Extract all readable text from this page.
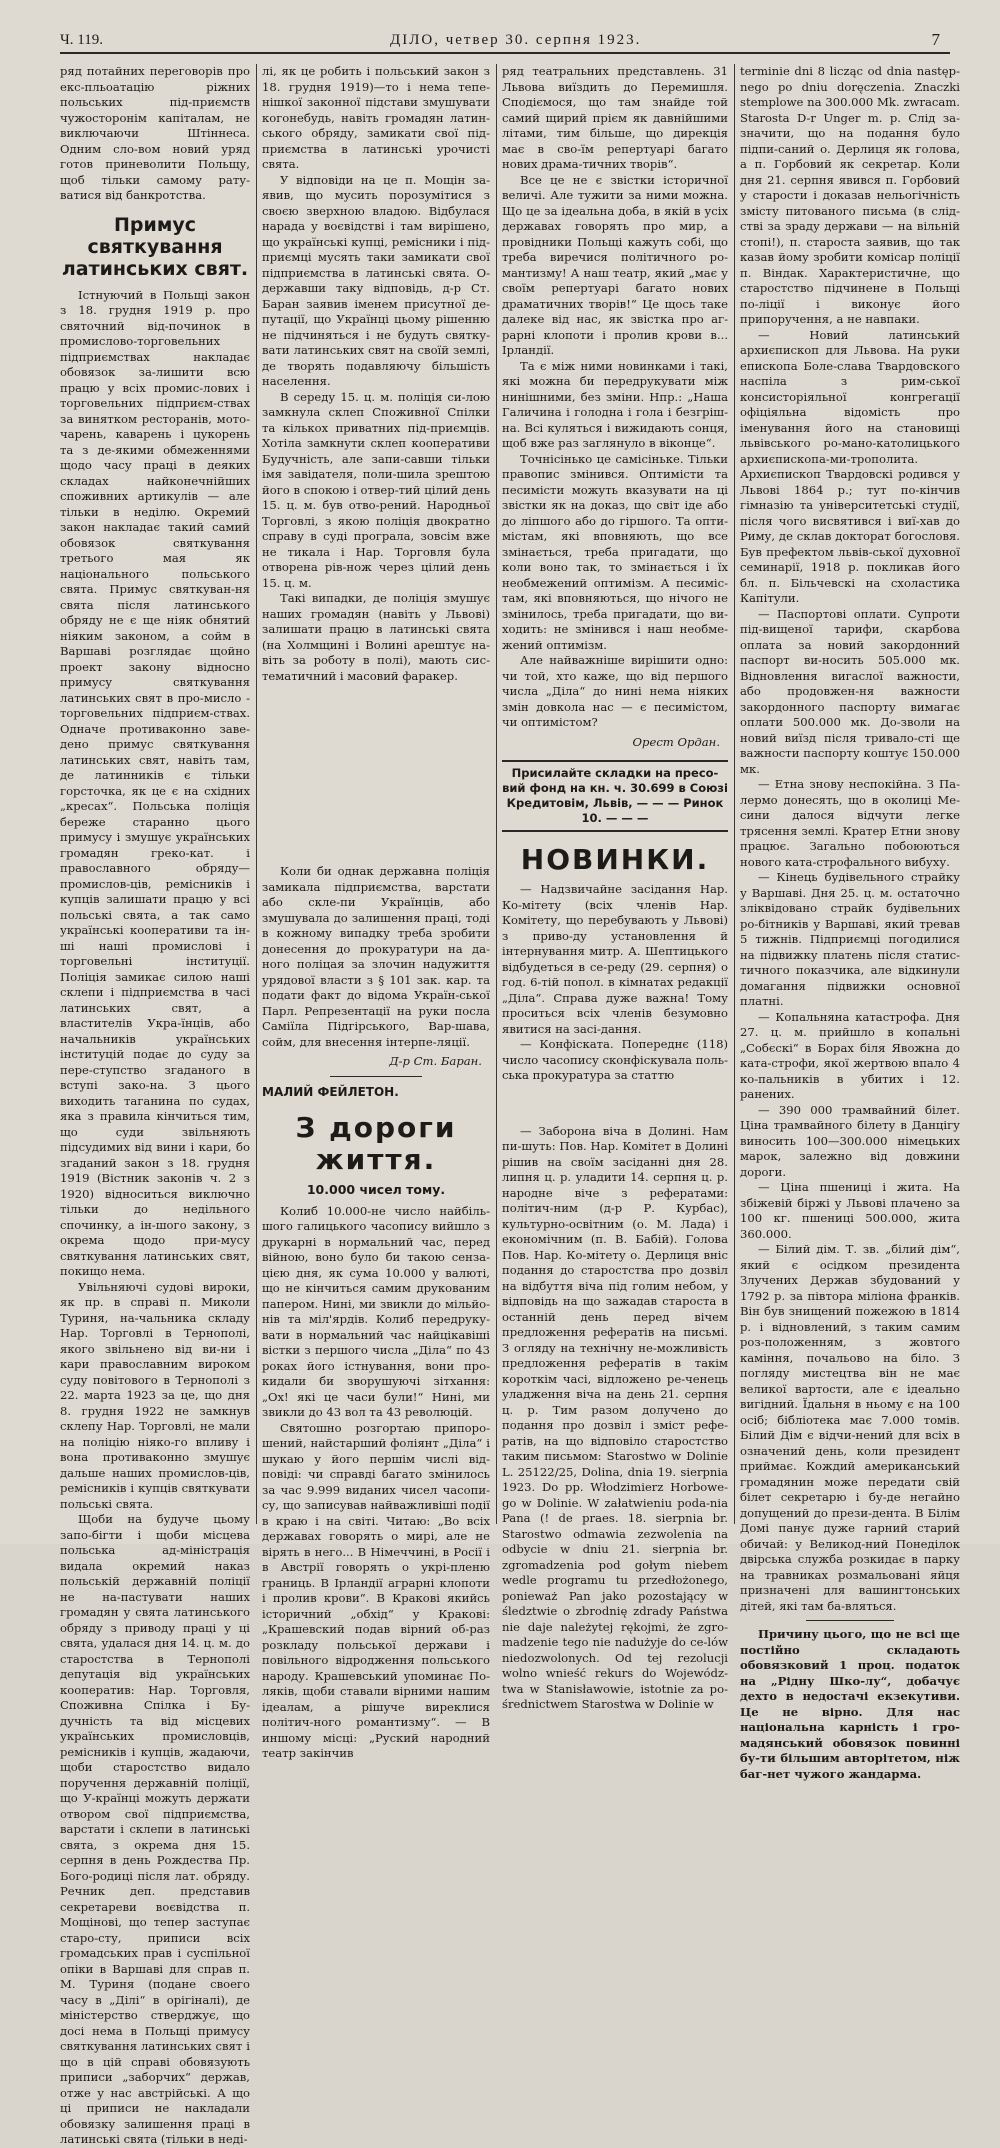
Ч. 119.	ДІЛО, четвер 30. серпня 1923.	7

ряд потайних переговорів про екс-пльоатацію ріжних польських під-приємств чужосторонім капіталам, не виключаючи Штіннеса. Одним сло-вом новий уряд готов приневолити Польщу, щоб тільки самому рату-ватися від банкротства.

Примус святкування латинських свят.

Істнуючий в Польщі закон з 18. грудня 1919 р. про святочний від-починок в промислово-торговельних підприємствах накладає обовязок за-лишити всю працю у всіх промис-лових і торговельних підприєм-ствах за винятком ресторанів, мото-чарень, каварень і цукорень та з де-якими обмеженнями щодо часу праці в деяких складах найконечнійших споживних артикулів — але тільки в неділю. Окремий закон накладає такий самий обовязок святкування третього мая як національного польського свята. Примус святкуван-ня свята після латинського обряду не є ще ніяк обнятий ніяким законом, а сойм в Варшаві розглядає щойно проект закону відносно примусу святкування латинських свят в про-мисло - торговельних підприєм-ствах. Одначе противаконно заве-дено примус святкування латинських свят, навіть там, де латинників є тільки горсточка, як це є на східних „кресах“. Польська поліція береже старанно цього примусу і змушує українських громадян греко-кат. і православного обряду—промислов-ців, ремісників і купців залишати працю у всі польські свята, а так само українські кооперативи та ін-ші наші промислові і торговельні інституції. Поліція замикає силою наші склепи і підприємства в часі латинських свят, а властителів Укра-їнців, або начальників українських інституцій подає до суду за пере-ступство згаданого в вступі зако-на. З цього виходить таганина по судах, яка з правила кінчиться тим, що суди звільняють підсудимих від вини і кари, бо згаданий закон з 18. грудня 1919 (Вістник законів ч. 2 з 1920) відноситься виключно тільки до недільного спочинку, а ін-шого закону, з окрема щодо при-мусу святкування латинських свят, покищо нема.

Увільняючі судові вироки, як пр. в справі п. Миколи Туриня, на-чальника складу Нар. Торговлі в Тернополі, якого звільнено від ви-ни і кари православним вироком суду повітового в Тернополі з 22. марта 1923 за це, що дня 8. грудня 1922 не замкнув склепу Нар. Торговлі, не мали на поліцію ніяко-го впливу і вона противаконно змушує дальше наших промислов-ців, ремісників і купців святкувати польські свята.

Щоби на будуче цьому запо-бігти і щоби місцева польська ад-міністрація видала окремий наказ польській державній поліції не на-пастувати наших громадян у свята латинського обряду з приводу праці у ці свята, удалася дня 14. ц. м. до старостства в Тернополі депутація від українських кооператив: Нар. Торговля, Споживна Спілка і Бу-дучність та від місцевих українських промисловців, ремісників і купців, жадаючи, щоби старостство видало поручення державній поліції, що У-країнці можуть держати отвором свої підприємства, варстати і склепи в латинські свята, з окрема дня 15. серпня в день Рождества Пр. Бого-родиці після лат. обряду. Речник деп. представив секретареви воєвідства п. Мощінові, що тепер заступає старо-сту, приписи всіх громадських прав і суспільної опіки в Варшаві для справ п. М. Туриня (подане своего часу в „Ділі“ в орігіналі), де міністерство стверджує, що досі нема в Польщі примусу святкування латинських свят і що в цій справі обовязують приписи „заборчих“ держав, отже у нас австрійські. А що ці приписи не накладали обовязку залишення праці в латинські свята (тільки в неді-

лі, як це робить і польський закон з 18. грудня 1919)—то і нема тепе-нішкої законної підстави змушувати когонебудь, навіть громадян латин-ського обряду, замикати свої під-приємства в латинські урочисті свята.

У відповіди на це п. Мощін за-явив, що мусить порозумітися з своєю зверхною владою. Відбулася нарада у воєвідстві і там вирішено, що українські купці, ремісники і під-приємці мусять таки замикати свої підприємства в латинські свята. О-державши таку відповідь, д-р Ст. Баран заявив іменем присутної де-путації, що Українці цьому рішенню не підчиняться і не будуть святку-вати латинських свят на своїй землі, де творять подавляючу більшість населення.

В середу 15. ц. м. поліція си-лою замкнула склеп Споживної Спілки та кількох приватних під-приємців. Хотіла замкнути склеп кооперативи Будучність, але запи-савши тільки імя завідателя, поли-шила зрештою його в спокою і отвер-тий цілий день 15. ц. м. був отво-рений. Народньої Торговлі, з якою поліція двократно справу в суді програла, зовсім вже не тикала і Нар. Торговля була отворена рів-нож через цілий день 15. ц. м.

Такі випадки, де поліція змушує наших громадян (навіть у Львові) залишати працю в латинські свята (на Холмщині і Волині арештує на-віть за роботу в полі), мають сис-тематичний і масовий фаракер.

Коли би однак державна поліція замикала підприємства, варстати або скле-пи Українців, або змушувала до залишення праці, тоді в кожному випадку треба зробити донесення до прокуратури на да-ного поліцая за злочин надужиття урядової власти з § 101 зак. кар. та подати факт до відома Україн-ської Парл. Репрезентації на руки посла Саміїла Підгірського, Вар-шава, сойм, для внесення інтерпе-ляції.

Д-р Ст. Баран.
МАЛИЙ ФЕЙЛЕТОН.
З дороги життя.
10.000 чисел тому.

Колиб 10.000-не число найбіль-шого галицького часопису вийшло з друкарні в нормальний час, перед війною, воно було би такою сенза-цією дня, як сума 10.000 у валюті, що не кінчиться самим друкованим папером. Нині, ми звикли до мільйо-нів та міл'ярдів. Колиб передруку-вати в нормальний час найцікавіші вістки з першого числа „Діла“ по 43 роках його істнування, вони про-кидали би зворушуючі зітхання: „Ох! які це часи були!“ Нині, ми звикли до 43 вол та 43 революцій.

Святошно розгортаю припоро-шений, найстарший фоліянт „Діла“ і шукаю у його першім числі від-повіді: чи справді багато змінилось за час 9.999 виданих чисел часопи-су, що записував найважливіші події в краю і на світі. Читаю: „Во всіх державах говорять о мирі, але не вірять в него... В Німеччині, в Росії і в Австрії говорять о укрі-пленю границь. В Ірландії аграрні клопоти і пролив крови“. В Кракові якийсь історичний „обхід“ у Кракові: „Крашевский подав вірний об-раз розкладу польської держави і повільного відродження польського народу. Крашевський упоминає По-ляків, щоби ставали вірними нашим ідеалам, а рішуче виреклися політич-ного романтизму“. — В иншому місці: „Руский народний театр закінчив

ряд театральних представлень. 31 Львова виїздить до Перемишля. Сподіємося, що там знайде той самий щирий прієм як давнійшими літами, тим більше, що дирекція має в сво-їм репертуарі багато нових драма-тичних творів“.

Все це не є звістки історичної величі. Але тужити за ними можна. Що це за ідеальна доба, в якій в усіх державах говорять про мир, а провідники Польщі кажуть собі, що треба виречися політичного ро-мантизму! А наш театр, який „має у своїм репертуарі багато нових драматичних творів!“ Це щось таке далеке від нас, як звістка про аг-рарні клопоти і пролив крови в... Ірландії.

Та є між ними новинками і такі, які можна би передрукувати між нинішними, без зміни. Нпр.: „Наша Галичина і голодна і гола і безгріш-на. Всі кулятьcя і вижидають сонця, щоб вже раз заглянуло в віконце“.

Точнісінько це самісіньке. Тільки правопис змінився. Оптимісти та песимісти можуть вказувати на ці звістки як на доказ, що світ іде або до ліпшого або до гіршого. Та опти-містам, які вповняють, що все змінається, треба пригадати, що коли воно так, то змінається і їх необмежений оптимізм. А песиміс-там, які вповняються, що нічого не змінилось, треба пригадати, що ви-ходить: не змінився і наш необме-жений оптимізм.

Але найважніше вирішити одно: чи той, хто каже, що від першого числа „Діла“ до нині нема ніяких змін довкола нас — є песимістом, чи оптимістом?

Орест Ордан.
Присилайте складки на пресо-вий фонд на кн. ч. 30.699 в Союзі Кредитовім, Львів, — — — Ринок 10. — — —
НОВИНКИ.

— Надзвичайне засідання Нар. Ко-мітету (всіх членів Нар. Комітету, що перебувають у Львові) з приво-ду установлення й інтернування митр. А. Шептицького відбудеться в се-реду (29. серпня) о год. 6-тій попол. в кімнатах редакції „Діла“. Справа дуже важна! Тому проситься всіх членів безумовно явитися на засі-дання.

— Конфіската. Попереднє (118) число часопису сконфіскувала поль-ська прокуратура за статтю

— Заборона віча в Долині. Нам пи-шуть: Пов. Нар. Комітет в Долині рішив на своїм засіданні дня 28. липня ц. р. уладити 14. серпня ц. р. народне віче з рефератами: політич-ним (д-р Р. Курбас), культурно-освітним (о. М. Лада) і економічним (п. В. Бабій). Голова Пов. Нар. Ко-мітету о. Дерлиця вніс подання до старостства про дозвіл на відбуття віча під голим небом, у відповідь на що зажадав староста в останній день перед вічем предложення рефератів на письмі. З огляду на технічну не-можливість предложення рефератів в такім короткім часі, відложено ре-ченець уладження віча на день 21. серпня ц. р. Тим разом долучено до подання про дозвіл і зміст рефе-ратів, на що відповіло старостство таким письмом: Starostwo w Dolinie L. 25122/25, Dolina, dnia 19. sierpnia 1923. Do pp. Włodzimierz Horbowe-go w Dolinie. W załatwieniu poda-nia Pana (! de praes. 18. sierpnia br. Starostwo odmawia zezwolenia na odbycie w dniu 21. sierpnia br. zgromadzenia pod gołym niebem wedle programu tu przedłożonego, ponieważ Pan jako pozostający w śledztwie o zbrodnię zdrady Państwa nie daje należytej rękojmi, że zgro-madzenie tego nie nadużyje do ce-lów niedozwolonych. Od tej rezolucji wolno wnieść rekurs do Wojewódz-twa w Stanisławowie, istotnie za po-średnictwem Starostwa w Dolinie w

terminie dni 8 licząc od dnia następ-nego po dniu doręczenia. Znaczki stemplowe na 300.000 Mk. zwracam. Starosta D-r Unger m. p. Слід за-значити, що на подання було підпи-саний о. Дерлиця як голова, а п. Горбовий як секретар. Коли дня 21. серпня явився п. Горбовий у старости і доказав нельогічність змісту питованого письма (в слід-стві за зраду держави — на вільній стопі!), п. староста заявив, що так казав йому зробити комісар поліції п. Віндак. Характеристичне, що старостство підчинене в Польщі по-ліції і виконує його припоручення, а не навпаки.

— Новий латинський архиєпископ для Львова. На руки епископа Боле-слава Твардовского наспіла з рим-ської консисторіяльної конгрегації офіціяльна відомість про іменування його на становищі львівського ро-мано-католицького архиєпископа-ми-трополита. Архиєпископ Твардовскі родився у Львові 1864 р.; тут по-кінчив гімназію та університетські студії, після чого висвятився і виї-хав до Риму, де склав докторат богословя. Був префектом львів-ської духовної семинарії, 1918 р. покликав його бл. п. Більчевскі на схоластика Капітули.

— Паспортові оплати. Супроти під-вищеної тарифи, скарбова оплата за новий закордонний паспорт ви-носить 505.000 мк. Відновлення вигаслої важности, або продовжен-ня важности закордонного паспорту вимагає оплати 500.000 мк. До-зволи на новий виїзд після тривало-сті ще важности паспорту коштує 150.000 мк.

— Етна знову неспокійна. З Па-лермо донесять, що в околиці Ме-сини далося відчути легке трясення землі. Кратер Етни знову працює. Загально побоюються нового ката-строфального вибуху.

— Кінець будівельного страйку у Варшаві. Дня 25. ц. м. остаточно зліквідовано страйк будівельних ро-бітників у Варшаві, який тревав 5 тижнів. Підприємці погодилися на підвижку платень після статис-тичного показчика, але відкинули домагання підвижки основної платні.

— Копальняна катастрофа. Дня 27. ц. м. прийшло в копальні „Собєскі“ в Борах біля Явожна до ката-строфи, якої жертвою впало 4 ко-пальників в убитих і 12. ранених.

— 390 000 трамвайний білет. Ціна трамвайного білету в Данцігу виносить 100—300.000 німецьких марок, залежно від довжини дороги.

— Ціна пшениці і жита. На збіжевій біржі у Львові плачено за 100 кг. пшениці 500.000, жита 360.000.

— Білий дім. Т. зв. „білий дім“, який є осідком президента Злучених Держав збудований у 1792 р. за півтора міліона франків. Він був знищений пожежою в 1814 р. і відновлений, з таким самим роз-положенням, з жовтого каміння, почальово на біло. З погляду мистецтва він не має великої вартости, але є ідеально вигідний. Їдальня в ньому є на 100 осіб; бібліотека має 7.000 томів. Білий Дім є відчи-нений для всіх в означений день, коли президент приймає. Кождий американський громадянин може передати свій білет секретарю і бу-де негайно допущений до прези-дента. В Білім Домі панує дуже гарний старий обичай: у Великод-ний Понеділок двірська служба розкидає в парку на травниках розмальовані яйця призначені для вашингтонських дітей, які там ба-вляться.

Причину цього, що не всі ще постійно складають обовязковий 1 проц. податок на „Рідну Шко-лу“, добачує дехто в недостачі екзекутиви. Це не вірно. Для нас національна карність і гро-мадянський обовязок повинні бу-ти більшим авторітетом, ніж баг-нет чужого жандарма.
